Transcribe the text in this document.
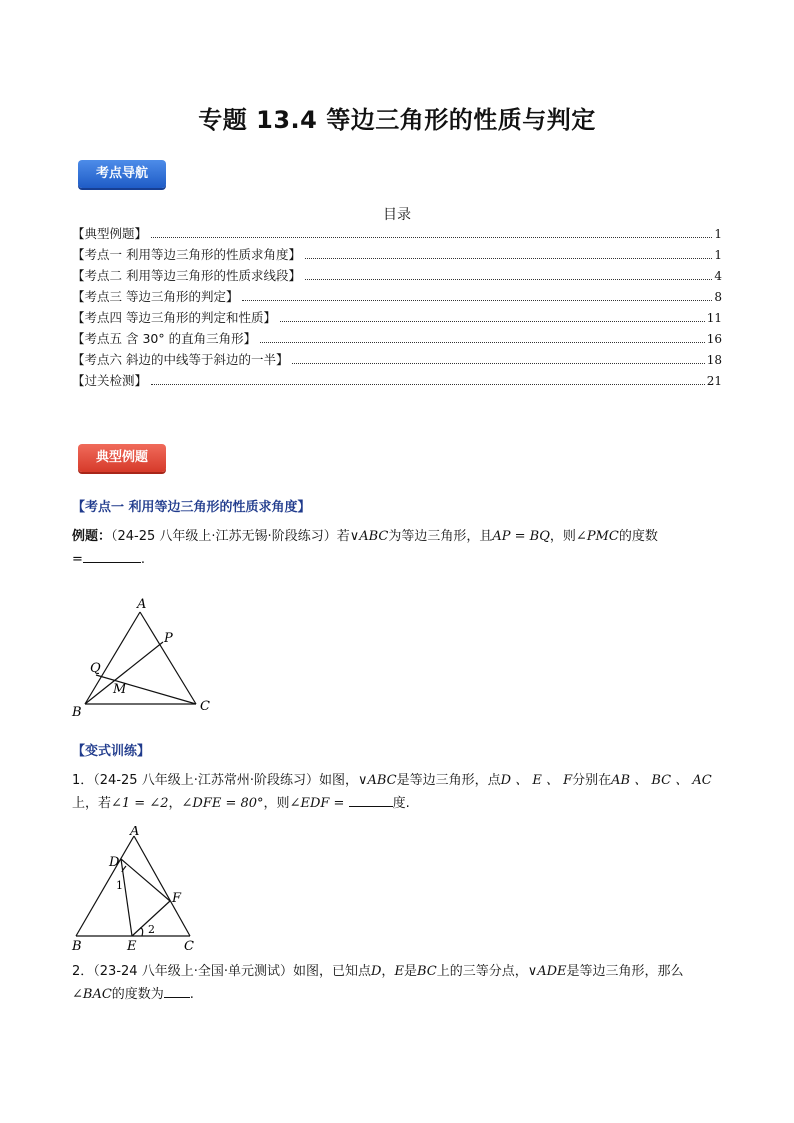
专题 13.4 等边三角形的性质与判定
考点导航
目录
【典型例题】	1
【考点一 利用等边三角形的性质求角度】	1
【考点二 利用等边三角形的性质求线段】	4
【考点三 等边三角形的判定】	8
【考点四 等边三角形的判定和性质】	11
【考点五 含 30° 的直角三角形】	16
【考点六 斜边的中线等于斜边的一半】	18
【过关检测】	21
典型例题
【考点一 利用等边三角形的性质求角度】
例题：（24-25 八年级上·江苏无锡·阶段练习）若∨ABC为等边三角形，且AP = BQ，则∠PMC的度数
=	.
A
B	C
P
Q
M
【变式训练】
1．（24-25 八年级上·江苏常州·阶段练习）如图，∨ABC是等边三角形，点D 、 E 、 F分别在AB 、 BC 、 AC
上，若∠1 = ∠2，∠DFE = 80°，则∠EDF =	度.
A
B	C
D
E
F
1
2
2．（23-24 八年级上·全国·单元测试）如图，已知点D，E是BC上的三等分点，∨ADE是等边三角形，那么
∠BAC的度数为 .
